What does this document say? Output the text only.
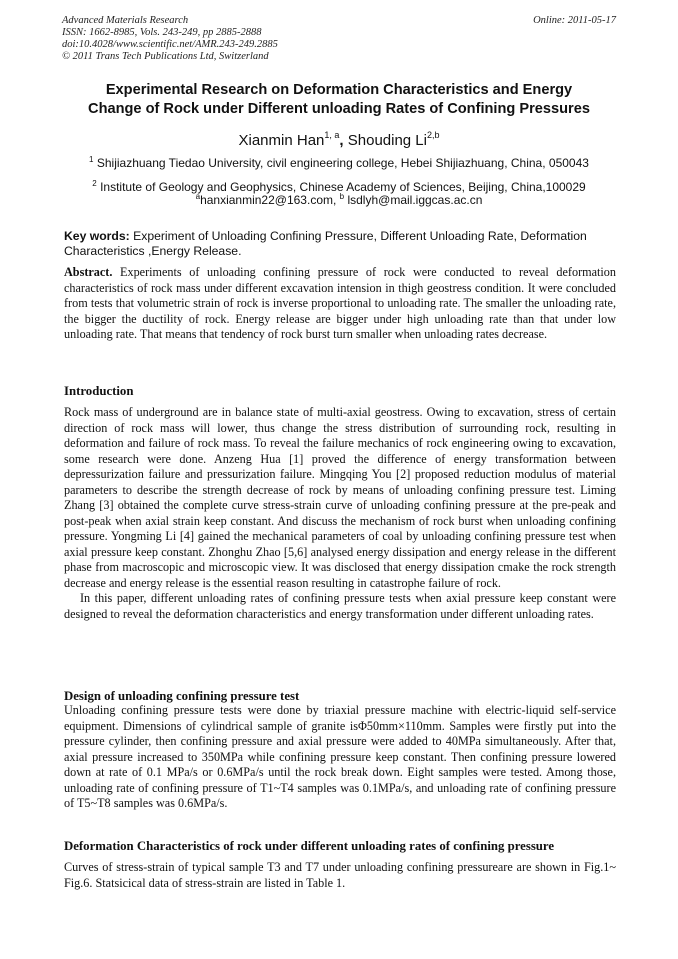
Advanced Materials Research
ISSN: 1662-8985, Vols. 243-249, pp 2885-2888
doi:10.4028/www.scientific.net/AMR.243-249.2885
© 2011 Trans Tech Publications Ltd, Switzerland
Online: 2011-05-17
Experimental Research on Deformation Characteristics and Energy
Change of Rock under Different unloading Rates of Confining Pressures
Xianmin Han$^{1, a}$, Shouding Li$^{2,b}$
$^1$ Shijiazhuang Tiedao University, civil engineering college, Hebei Shijiazhuang, China, 050043
$^2$ Institute of Geology and Geophysics, Chinese Academy of Sciences, Beijing, China,100029
$^a$hanxianmin22@163.com, $^b$ lsdlyh@mail.iggcas.ac.cn
Key words: Experiment of Unloading Confining Pressure, Different Unloading Rate, Deformation Characteristics ,Energy Release.

Abstract. Experiments of unloading confining pressure of rock were conducted to reveal deformation characteristics of rock mass under different excavation intension in thigh geostress condition. It were concluded from tests that volumetric strain of rock is inverse proportional to unloading rate. The smaller the unloading rate, the bigger the ductility of rock. Energy release are bigger under high unloading rate than that under low unloading rate. That means that tendency of rock burst turn smaller when unloading rates decrease.

Introduction

Rock mass of underground are in balance state of multi-axial geostress. Owing to excavation, stress of certain direction of rock mass will lower, thus change the stress distribution of surrounding rock, resulting in deformation and failure of rock mass. To reveal the failure mechanics of rock engineering owing to excavation, some research were done. Anzeng Hua [1] proved the difference of energy transformation between depressurization failure and pressurization failure. Mingqing You [2] proposed reduction modulus of material parameters to describe the strength decrease of rock by means of unloading confining pressure test. Liming Zhang [3] obtained the complete curve stress-strain curve of unloading confining pressure at the pre-peak and post-peak when axial strain keep constant. And discuss the mechanism of rock burst when unloading confining pressure. Yongming Li [4] gained the mechanical parameters of coal by unloading confining pressure test when axial pressure keep constant. Zhonghu Zhao [5,6] analysed energy dissipation and energy release in the different phase from macroscopic and microscopic view. It was disclosed that energy dissipation cmake the rock strength decrease and energy release is the essential reason resulting in catastrophe failure of rock.

In this paper, different unloading rates of confining pressure tests when axial pressure keep constant were designed to reveal the deformation characteristics and energy transformation under different unloading rates.

Design of unloading confining pressure test

Unloading confining pressure tests were done by triaxial pressure machine with electric-liquid self-service equipment. Dimensions of cylindrical sample of granite isΦ50mm×110mm. Samples were firstly put into the pressure cylinder, then confining pressure and axial pressure were added to 40MPa simultaneously. After that, axial pressure increased to 350MPa while confining pressure keep constant. Then confining pressure lowered down at rate of 0.1 MPa/s or 0.6MPa/s until the rock break down. Eight samples were tested. Among those, unloading rate of confining pressure of T1~T4 samples was 0.1MPa/s, and unloading rate of confining pressure of T5~T8 samples was 0.6MPa/s.

Deformation Characteristics of rock under different unloading rates of confining pressure

Curves of stress-strain of typical sample T3 and T7 under unloading confining pressureare are shown in Fig.1~ Fig.6. Statsicical data of stress-strain are listed in Table 1.
